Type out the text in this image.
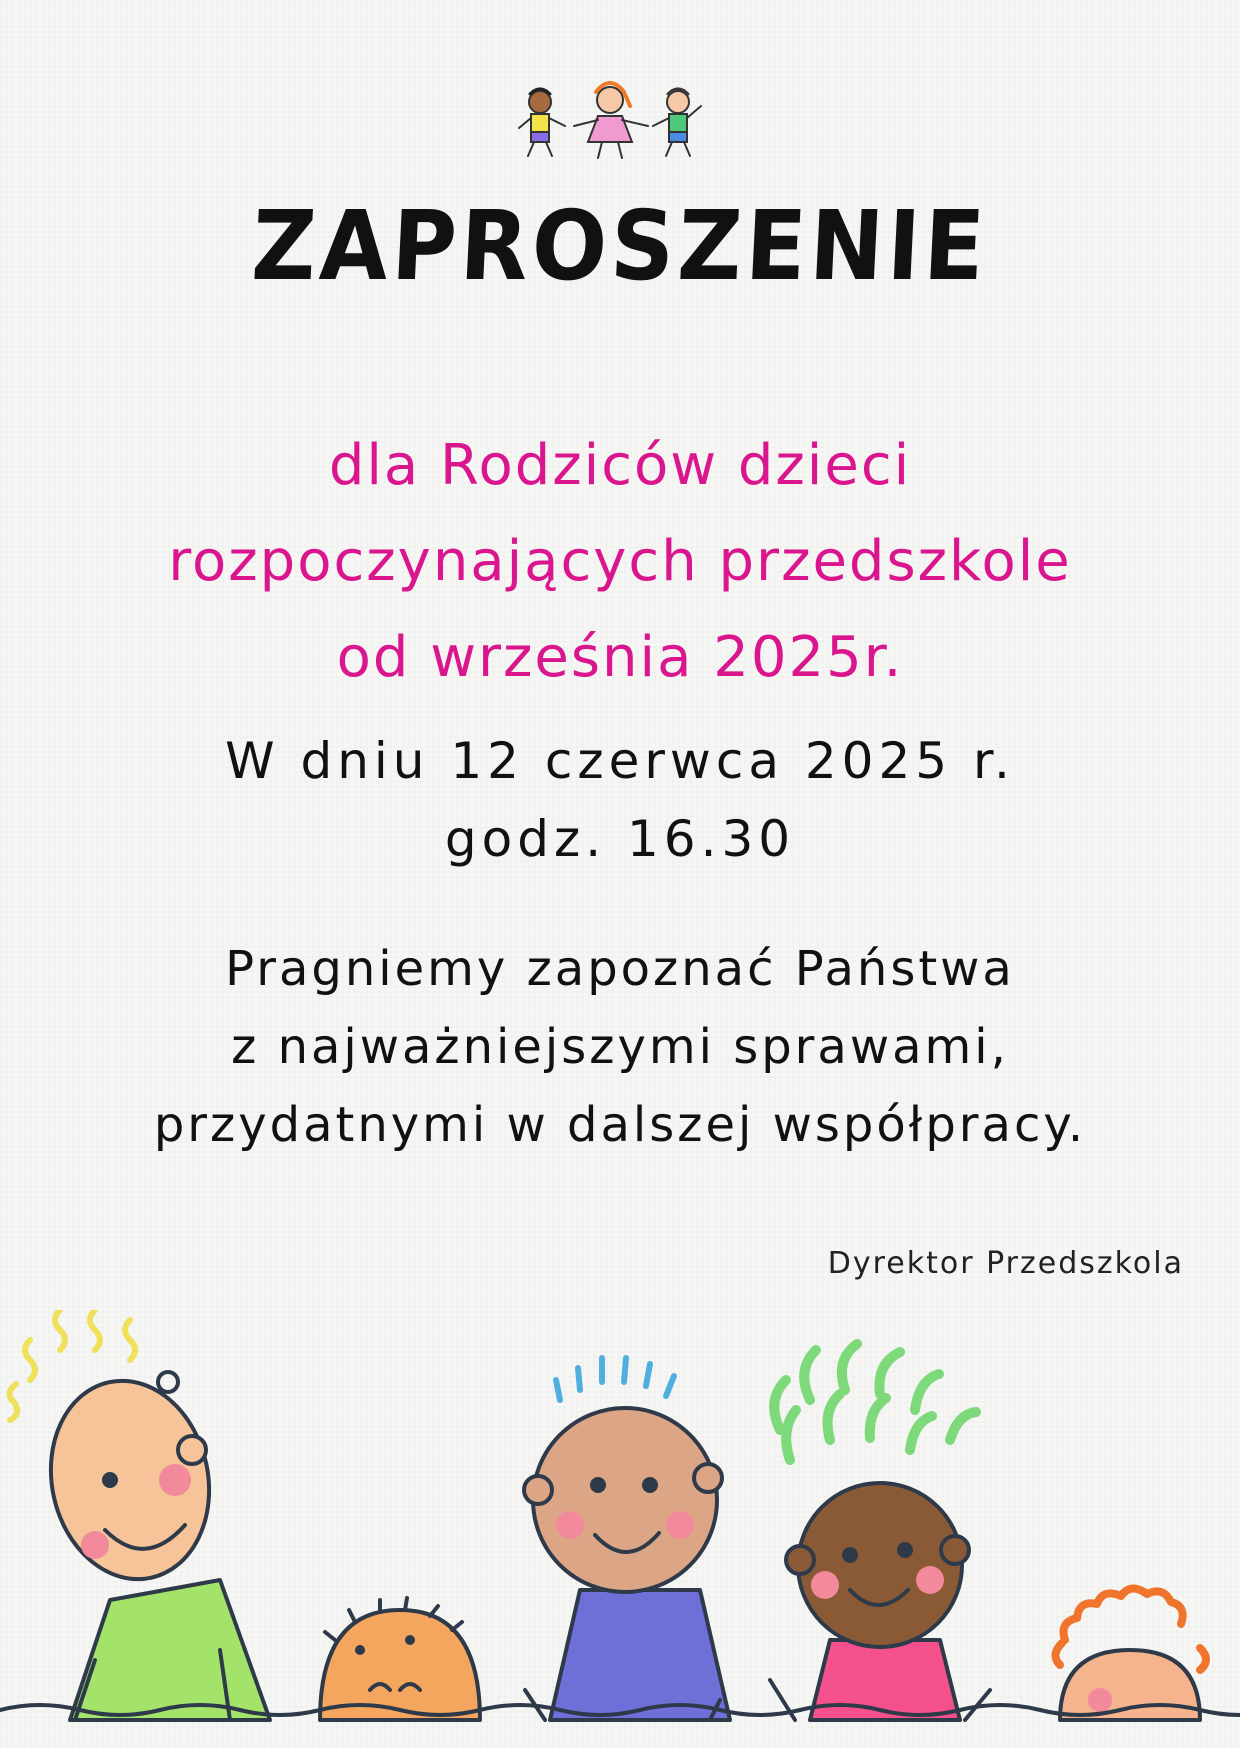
ZAPROSZENIE
dla Rodziców dzieci
rozpoczynających przedszkole
od września 2025r.
W dniu 12 czerwca 2025 r.
godz. 16.30
Pragniemy zapoznać Państwa
z najważniejszymi sprawami,
przydatnymi w dalszej współpracy.
Dyrektor Przedszkola
